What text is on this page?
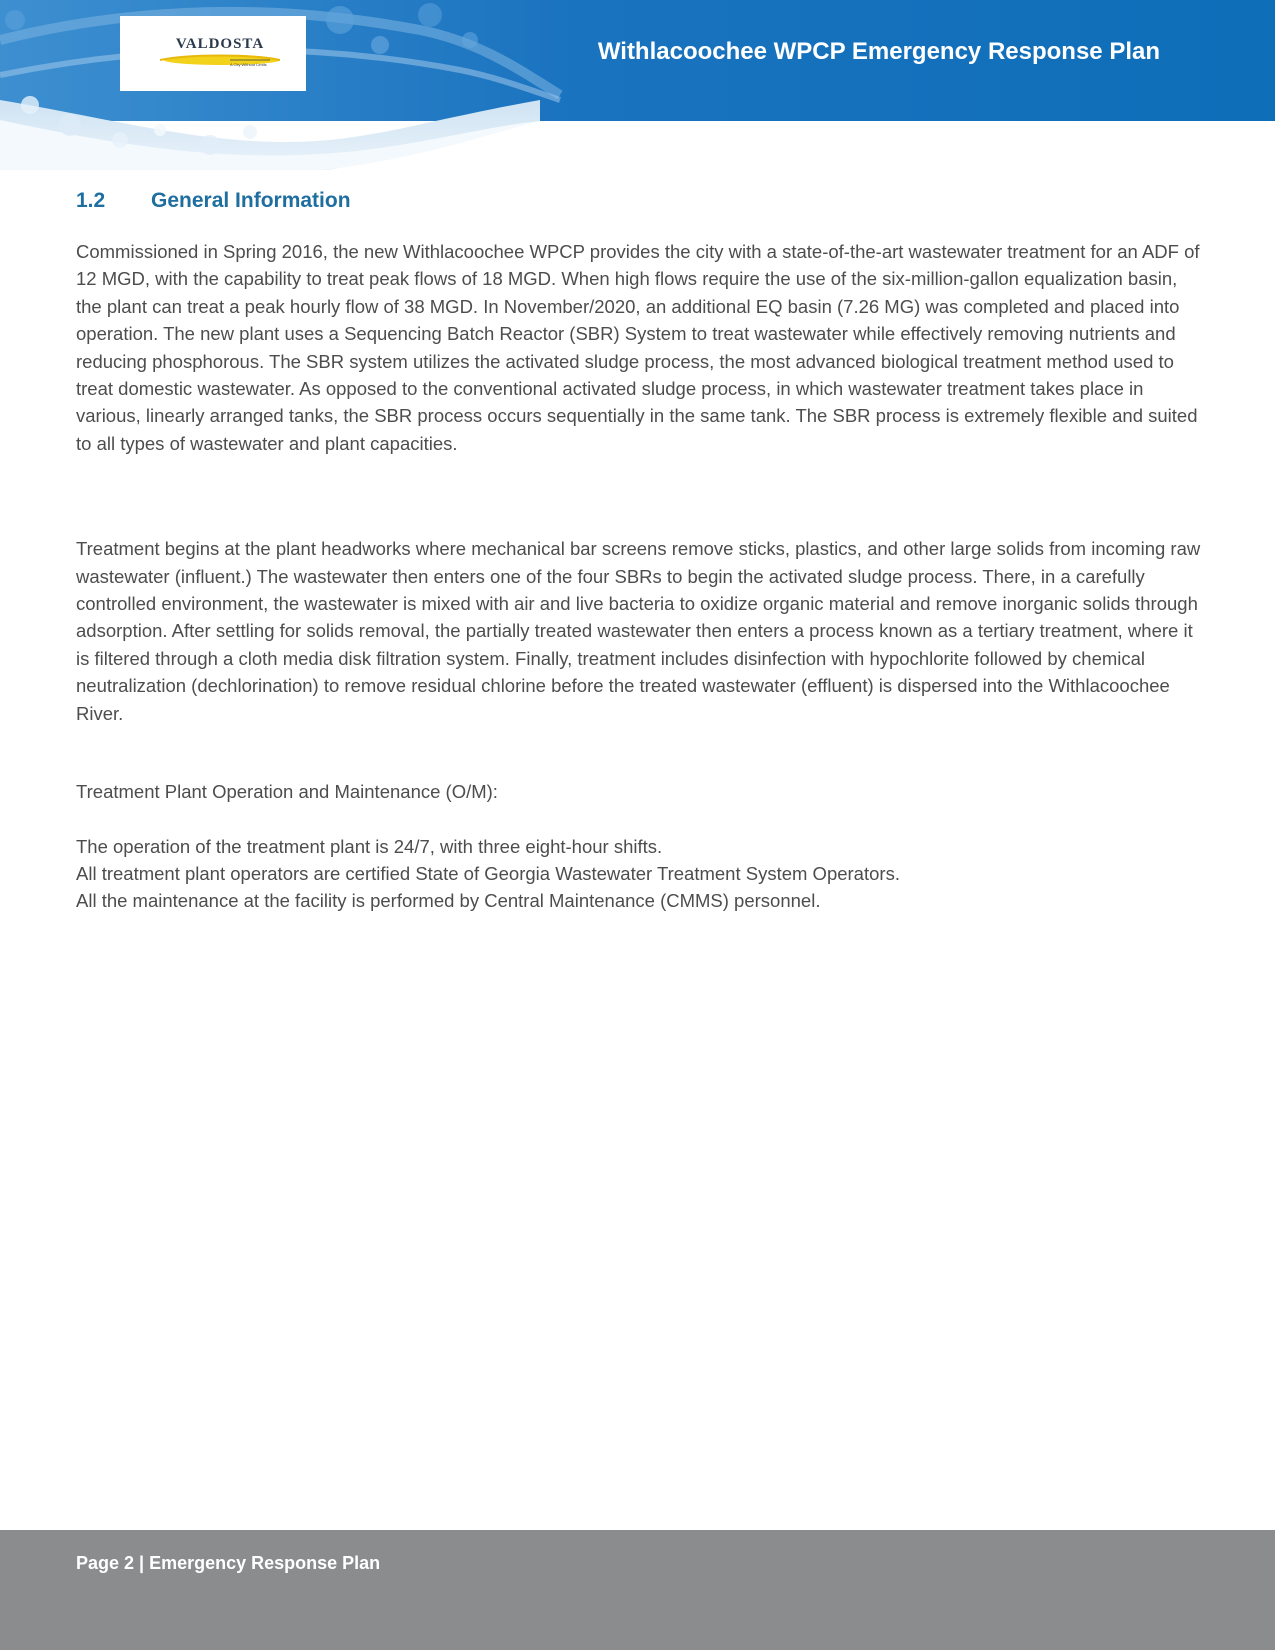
VALDOSTA
A City Without Limits	Withlacoochee WPCP Emergency Response Plan
1.2 General Information

Commissioned in Spring 2016, the new Withlacoochee WPCP provides the city with a state-of-the-art wastewater treatment for an ADF of 12 MGD, with the capability to treat peak flows of 18 MGD. When high flows require the use of the six-million-gallon equalization basin, the plant can treat a peak hourly flow of 38 MGD. In November/2020, an additional EQ basin (7.26 MG) was completed and placed into operation. The new plant uses a Sequencing Batch Reactor (SBR) System to treat wastewater while effectively removing nutrients and reducing phosphorous. The SBR system utilizes the activated sludge process, the most advanced biological treatment method used to treat domestic wastewater. As opposed to the conventional activated sludge process, in which wastewater treatment takes place in various, linearly arranged tanks, the SBR process occurs sequentially in the same tank. The SBR process is extremely flexible and suited to all types of wastewater and plant capacities.

Treatment begins at the plant headworks where mechanical bar screens remove sticks, plastics, and other large solids from incoming raw wastewater (influent.) The wastewater then enters one of the four SBRs to begin the activated sludge process. There, in a carefully controlled environment, the wastewater is mixed with air and live bacteria to oxidize organic material and remove inorganic solids through adsorption. After settling for solids removal, the partially treated wastewater then enters a process known as a tertiary treatment, where it is filtered through a cloth media disk filtration system. Finally, treatment includes disinfection with hypochlorite followed by chemical neutralization (dechlorination) to remove residual chlorine before the treated wastewater (effluent) is dispersed into the Withlacoochee River.

Treatment Plant Operation and Maintenance (O/M):

The operation of the treatment plant is 24/7, with three eight-hour shifts.
All treatment plant operators are certified State of Georgia Wastewater Treatment System Operators.
All the maintenance at the facility is performed by Central Maintenance (CMMS) personnel.
Page 2 | Emergency Response Plan
